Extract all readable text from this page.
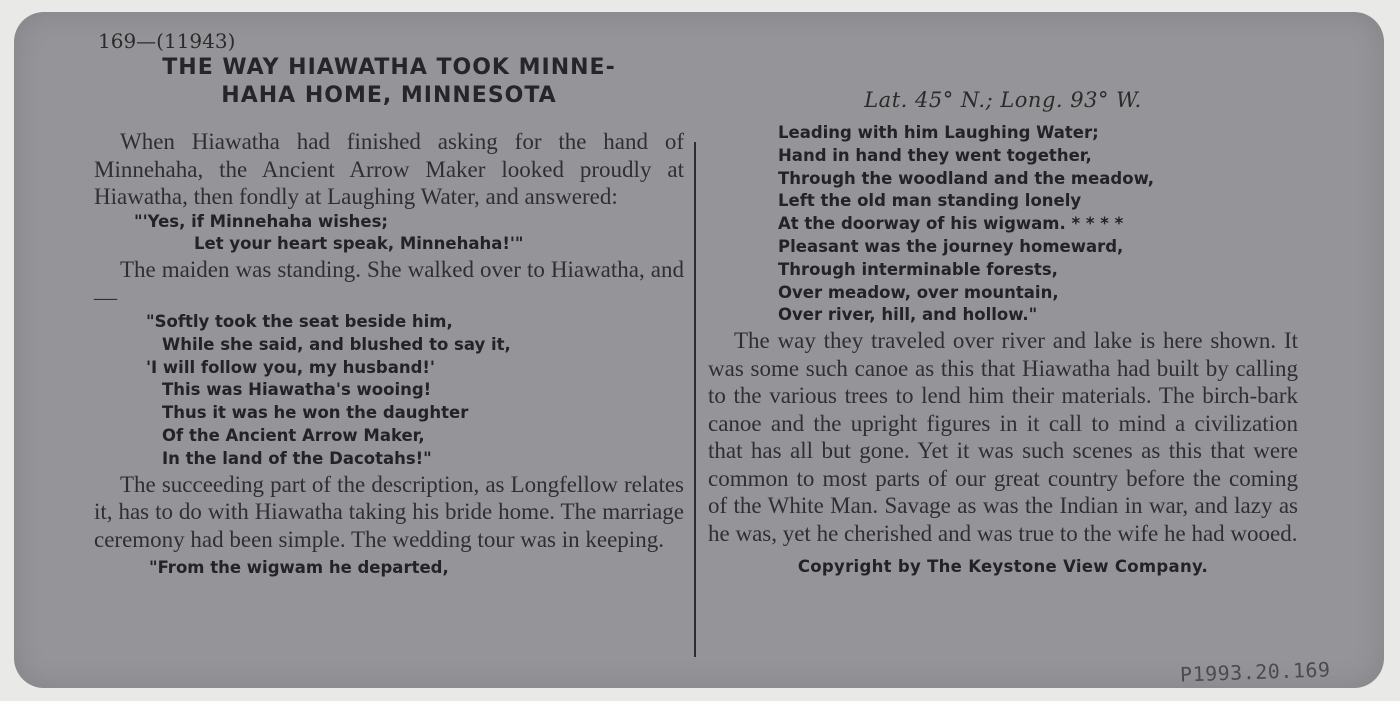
169—(11943)
THE WAY HIAWATHA TOOK MINNE-
HAHA HOME, MINNESOTA

When Hiawatha had finished asking for the hand of Minnehaha, the Ancient Arrow Maker looked proudly at Hiawatha, then fondly at Laughing Water, and answered:

"'Yes, if Minnehaha wishes;
Let your heart speak, Minnehaha!'"

The maiden was standing. She walked over to Hiawatha, and—

"Softly took the seat beside him,
While she said, and blushed to say it,
'I will follow you, my husband!'
This was Hiawatha's wooing!
Thus it was he won the daughter
Of the Ancient Arrow Maker,
In the land of the Dacotahs!"

The succeeding part of the description, as Longfellow relates it, has to do with Hiawatha taking his bride home. The marriage ceremony had been simple. The wedding tour was in keeping.

"From the wigwam he departed,
Lat. 45° N.; Long. 93° W.
Leading with him Laughing Water;
Hand in hand they went together,
Through the woodland and the meadow,
Left the old man standing lonely
At the doorway of his wigwam. * * * *
Pleasant was the journey homeward,
Through interminable forests,
Over meadow, over mountain,
Over river, hill, and hollow."

The way they traveled over river and lake is here shown. It was some such canoe as this that Hiawatha had built by calling to the various trees to lend him their materials. The birch-bark canoe and the upright figures in it call to mind a civilization that has all but gone. Yet it was such scenes as this that were common to most parts of our great country before the coming of the White Man. Savage as was the Indian in war, and lazy as he was, yet he cherished and was true to the wife he had wooed.

Copyright by The Keystone View Company.
P1993.20.169
